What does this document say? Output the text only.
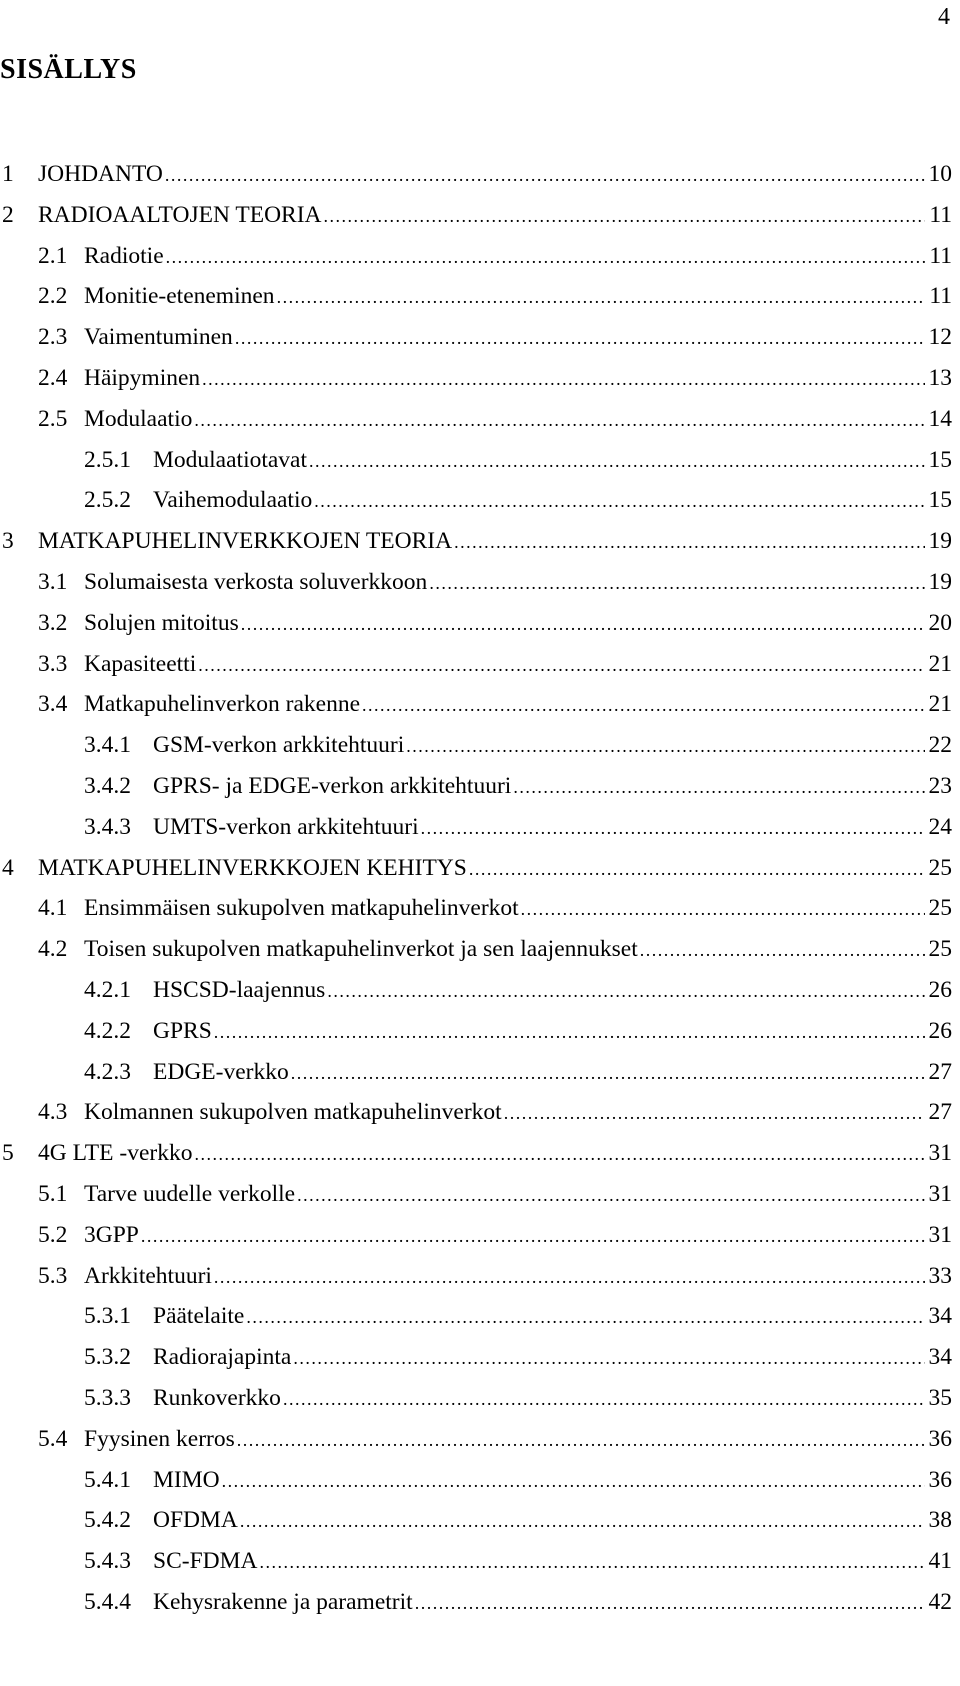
4
SISÄLLYS
1 JOHDANTO .....	10
2 RADIOAALTOJEN TEORIA .....	11
2.1 Radiotie .....	11
2.2 Monitie-eteneminen .....	11
2.3 Vaimentuminen .....	12
2.4 Häipyminen .....	13
2.5 Modulaatio .....	14
2.5.1 Modulaatiotavat .....	15
2.5.2 Vaihemodulaatio .....	15
3 MATKAPUHELINVERKKOJEN TEORIA .....	19
3.1 Solumaisesta verkosta soluverkkoon .....	19
3.2 Solujen mitoitus .....	20
3.3 Kapasiteetti .....	21
3.4 Matkapuhelinverkon rakenne .....	21
3.4.1 GSM-verkon arkkitehtuuri .....	22
3.4.2 GPRS- ja EDGE-verkon arkkitehtuuri .....	23
3.4.3 UMTS-verkon arkkitehtuuri .....	24
4 MATKAPUHELINVERKKOJEN KEHITYS .....	25
4.1 Ensimmäisen sukupolven matkapuhelinverkot .....	25
4.2 Toisen sukupolven matkapuhelinverkot ja sen laajennukset .....	25
4.2.1 HSCSD-laajennus .....	26
4.2.2 GPRS .....	26
4.2.3 EDGE-verkko .....	27
4.3 Kolmannen sukupolven matkapuhelinverkot .....	27
5 4G LTE -verkko .....	31
5.1 Tarve uudelle verkolle .....	31
5.2 3GPP .....	31
5.3 Arkkitehtuuri .....	33
5.3.1 Päätelaite .....	34
5.3.2 Radiorajapinta .....	34
5.3.3 Runkoverkko .....	35
5.4 Fyysinen kerros .....	36
5.4.1 MIMO .....	36
5.4.2 OFDMA .....	38
5.4.3 SC-FDMA .....	41
5.4.4 Kehysrakenne ja parametrit .....	42
